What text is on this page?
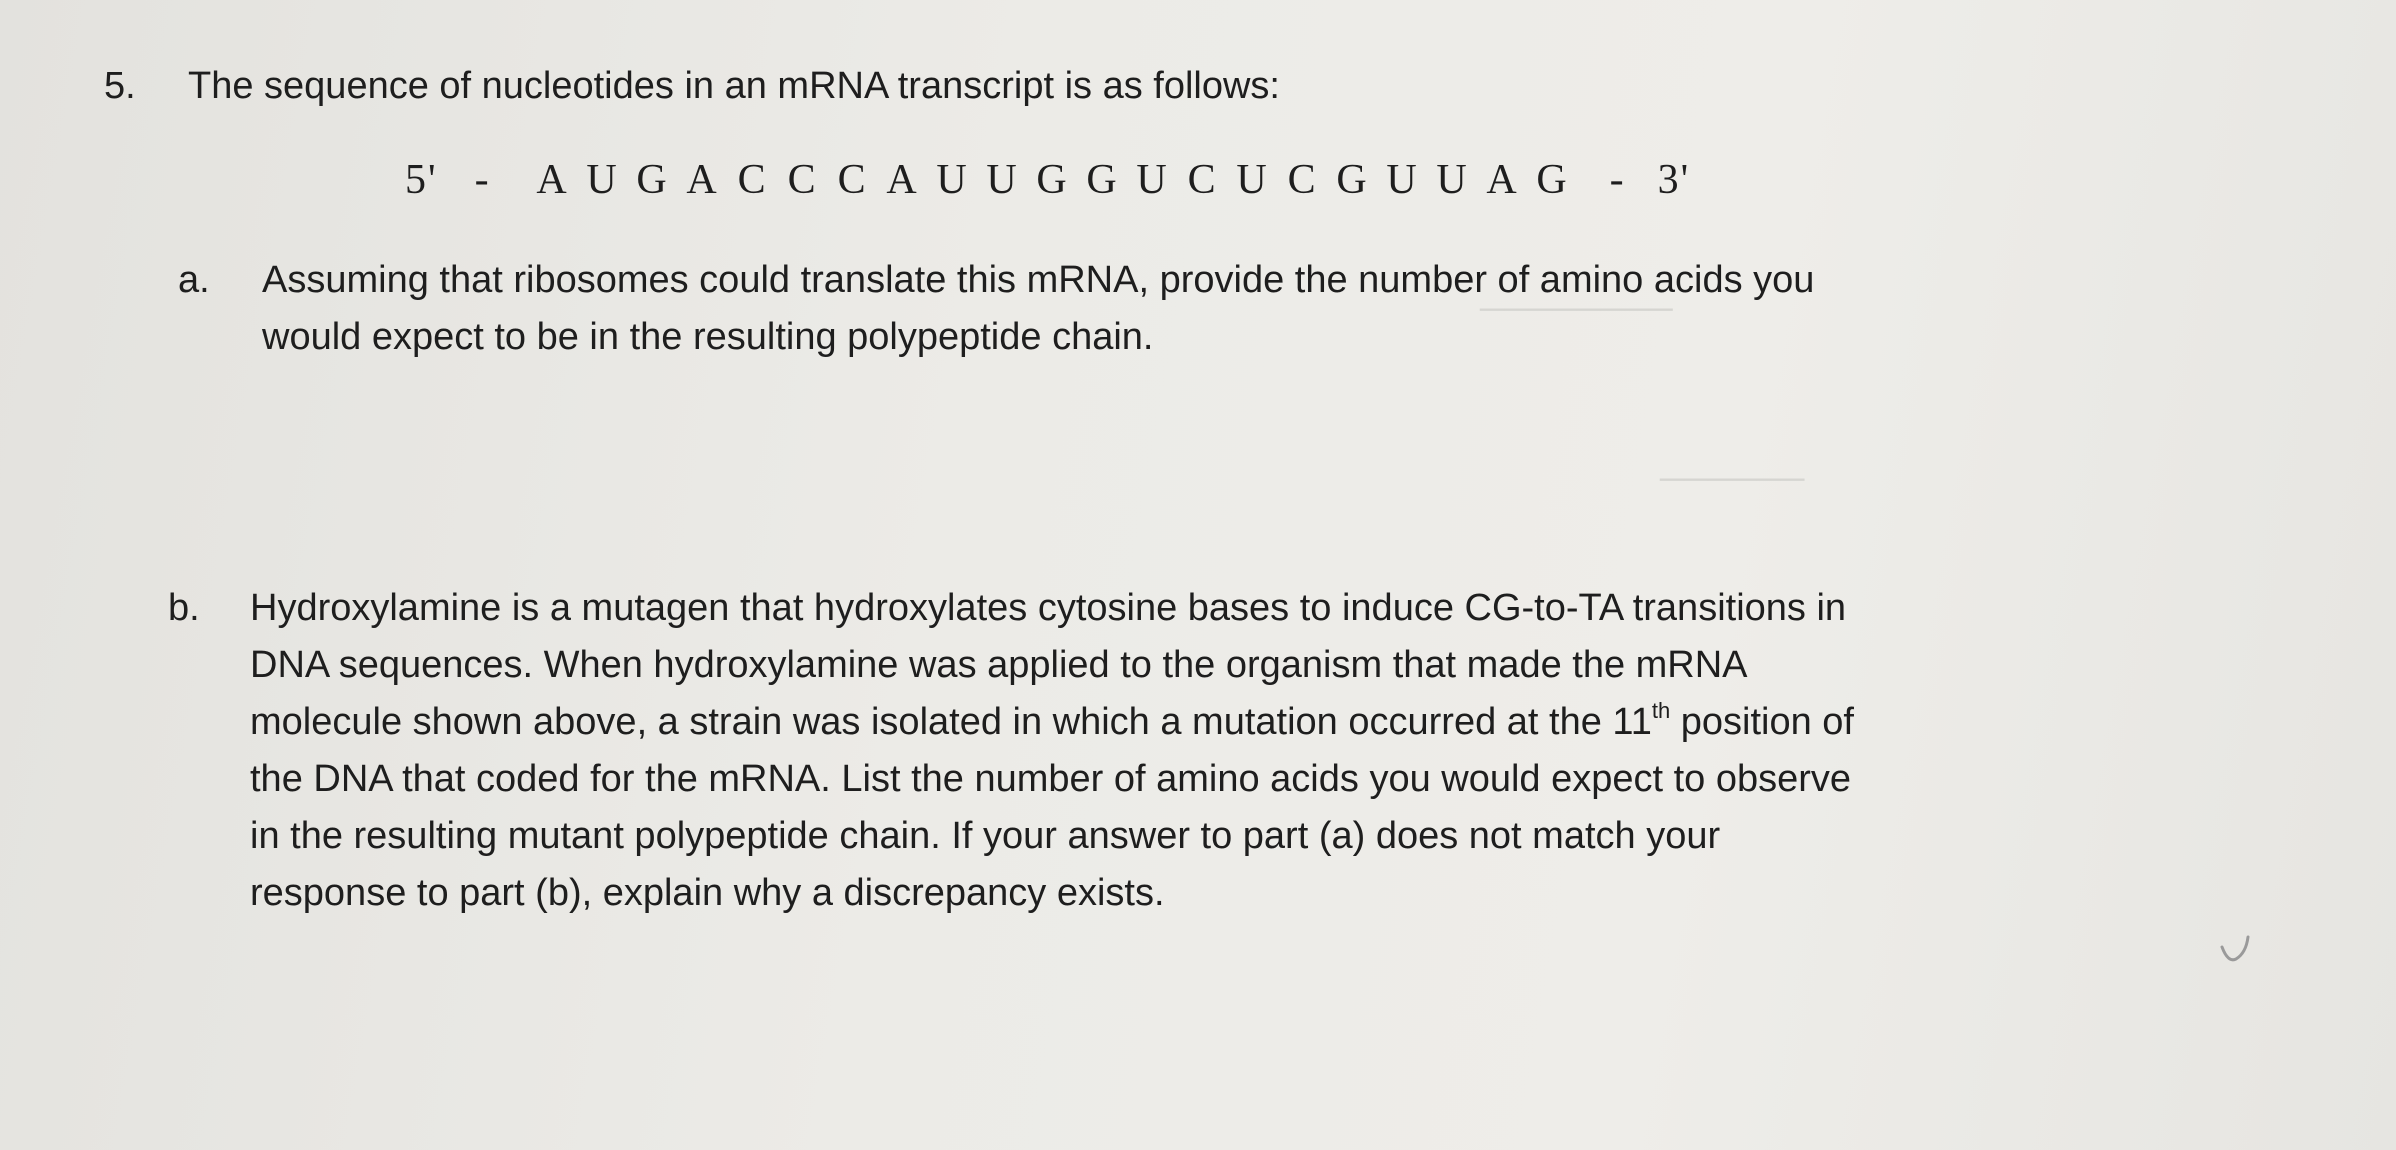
────────
──────
5.	The sequence of nucleotides in an mRNA transcript is as follows:
5' -	A U G A C C C A U U G G U C U C G U U A G - 3'
a. Assuming that ribosomes could translate this mRNA, provide the number of amino acids you
would expect to be in the resulting polypeptide chain.
b. Hydroxylamine is a mutagen that hydroxylates cytosine bases to induce CG-to-TA transitions in
DNA sequences. When hydroxylamine was applied to the organism that made the mRNA
molecule shown above, a strain was isolated in which a mutation occurred at the 11th position of
the DNA that coded for the mRNA. List the number of amino acids you would expect to observe
in the resulting mutant polypeptide chain. If your answer to part (a) does not match your
response to part (b), explain why a discrepancy exists.
